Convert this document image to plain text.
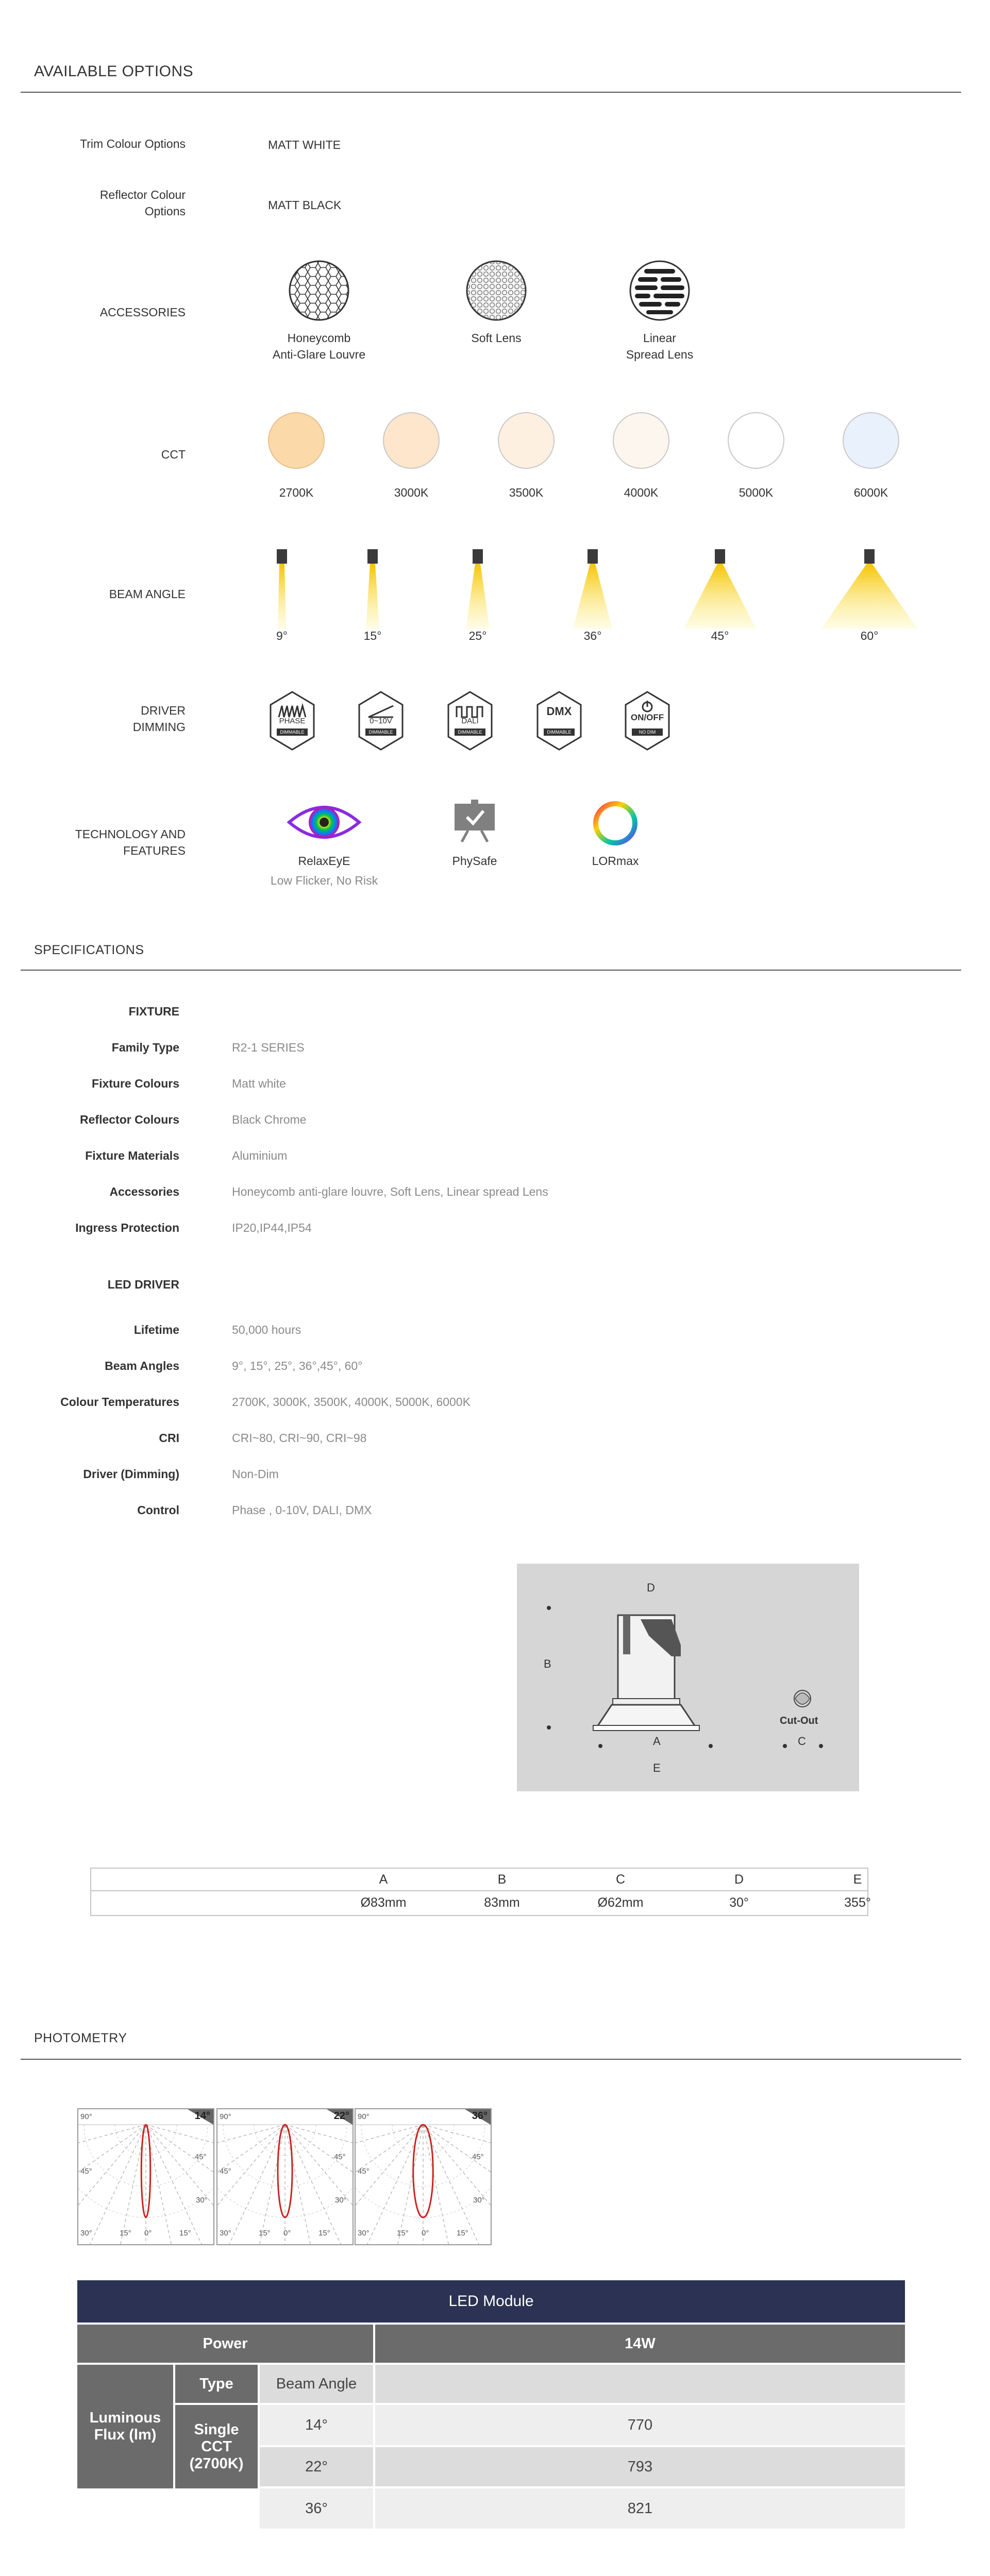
AVAILABLE OPTIONS
Trim Colour Options	MATT WHITE
Reflector Colour
Options	MATT BLACK
ACCESSORIES
Honeycomb
Anti-Glare Louvre
Soft Lens	Linear
Spread Lens
CCT
2700K	3000K	3500K	4000K	5000K	6000K
BEAM ANGLE
9°	15°	25°	36°	45°	60°
DRIVER
DIMMING	PHASE
DIMMABLE
0~10V
DIMMABLE
DALI
DIMMABLE
DMX
DIMMABLE
ON/OFF
NO DIM
TECHNOLOGY AND
FEATURES
RelaxEyE
Low Flicker, No Risk
PhySafe	LORmax
SPECIFICATIONS
FIXTURE
Family Type	R2-1 SERIES
Fixture Colours	Matt white
Reflector Colours	Black Chrome
Fixture Materials	Aluminium
Accessories	Honeycomb anti-glare louvre, Soft Lens, Linear spread Lens
Ingress Protection	IP20,IP44,IP54
LED DRIVER
Lifetime	50,000 hours
Beam Angles	9°, 15°, 25°, 36°,45°, 60°
Colour Temperatures	2700K, 3000K, 3500K, 4000K, 5000K, 6000K
CRI	CRI~80, CRI~90, CRI~98
Driver (Dimming)	Non-Dim
Control	Phase , 0-10V, DALI, DMX
D
B
A
E
C
Cut-Out
A	B	C	D	E
Ø83mm	83mm	Ø62mm	30°	355°
PHOTOMETRY
14°
90°
45°
30°
45°
30°	15° 0°	15°
22°
90°
45°
30°
45°
30°	15° 0°	15°
36°
90°
45°
30°
45°
30°	15° 0°	15°
LED Module
Power	14W
Luminous
Flux (lm)
Type
Single
CCT
(2700K)
Beam Angle
14°	770
22°	793
36°	821
